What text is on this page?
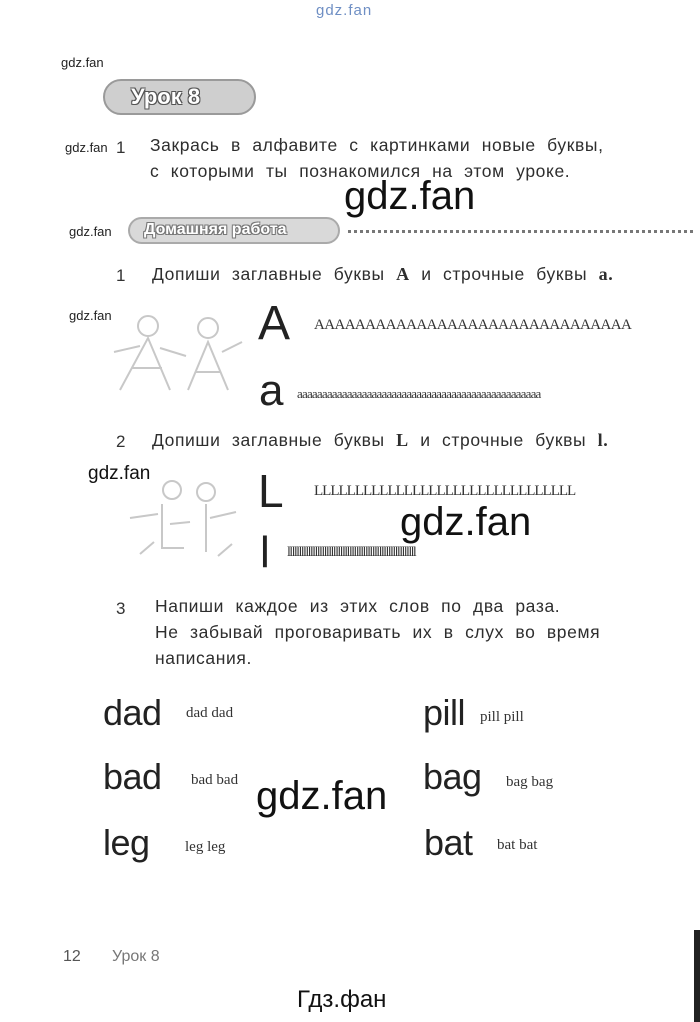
gdz.fan
gdz.fan
gdz.fan
gdz.fan
gdz.fan
gdz.fan
gdz.fan
gdz.fan
gdz.fan
Урок 8
1 Закрась в алфавите с картинками новые буквы,
с которыми ты познакомился на этом уроке.
Домашняя работа
1 Допиши заглавные буквы A и строчные буквы a.
A AAAAAAAAAAAAAAAAAAAAAAAAAAAAAAA
a aaaaaaaaaaaaaaaaaaaaaaaaaaaaaaaaaaaaaaaaaaaaaaaaa
2 Допиши заглавные буквы L и строчные буквы l.
L LLLLLLLLLLLLLLLLLLLLLLLLLLLLLLLL
l llllllllllllllllllllllllllllllllllllllllllllllllllllllll
3 Напиши каждое из этих слов по два раза.
Не забывай проговаривать их в слух во время
написания.
dad dad dad	pill pill pill
bad bad bad	bag bag bag
leg leg leg	bat bat bat
12 Урок 8
Гдз.фан
